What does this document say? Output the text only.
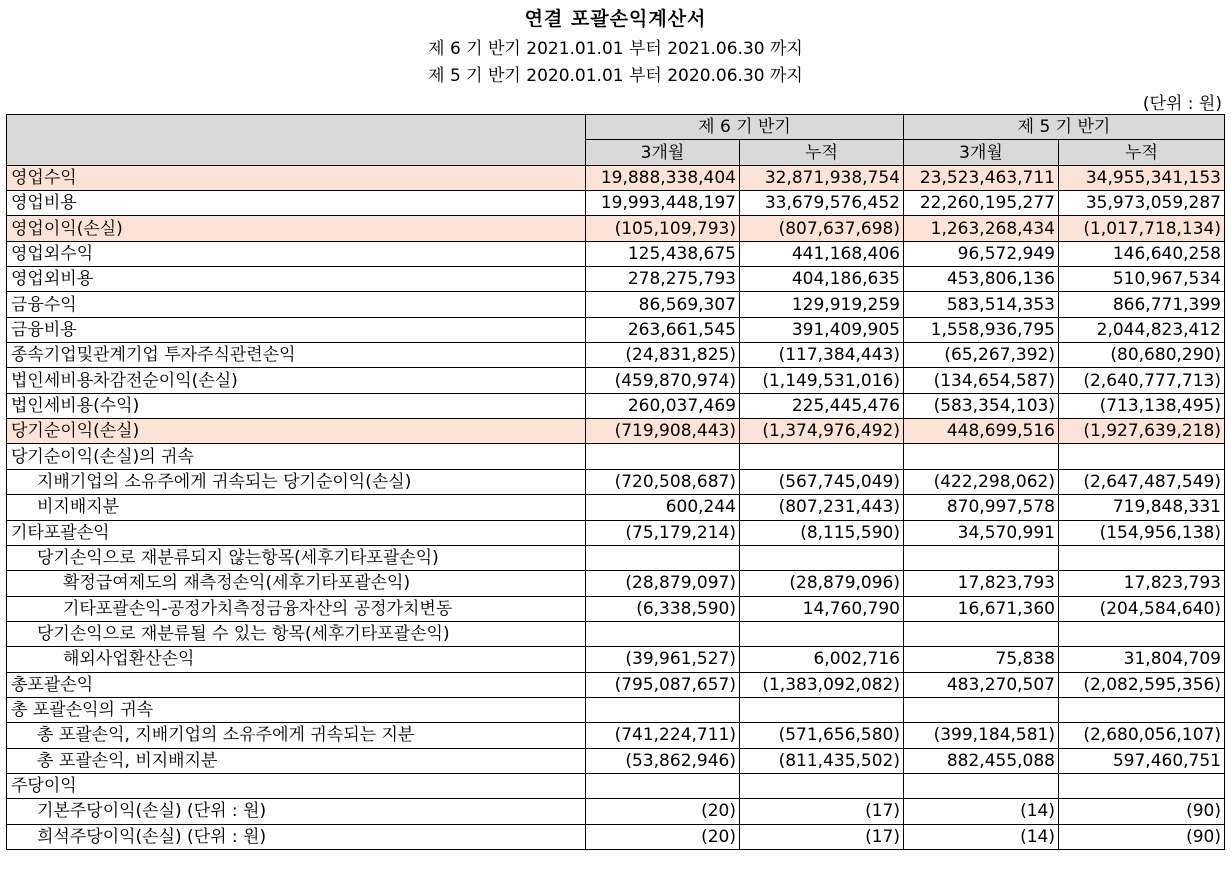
연결 포괄손익계산서
제 6 기 반기 2021.01.01 부터 2021.06.30 까지
제 5 기 반기 2020.01.01 부터 2020.06.30 까지
(단위 : 원)
	제 6 기 반기		제 5 기 반기	
	3개월	누적	3개월	누적
영업수익	19,888,338,404	32,871,938,754	23,523,463,711	34,955,341,153
영업비용	19,993,448,197	33,679,576,452	22,260,195,277	35,973,059,287
영업이익(손실)	(105,109,793)	(807,637,698)	1,263,268,434	(1,017,718,134)
영업외수익	125,438,675	441,168,406	96,572,949	146,640,258
영업외비용	278,275,793	404,186,635	453,806,136	510,967,534
금융수익	86,569,307	129,919,259	583,514,353	866,771,399
금융비용	263,661,545	391,409,905	1,558,936,795	2,044,823,412
종속기업및관계기업 투자주식관련손익	(24,831,825)	(117,384,443)	(65,267,392)	(80,680,290)
법인세비용차감전순이익(손실)	(459,870,974)	(1,149,531,016)	(134,654,587)	(2,640,777,713)
법인세비용(수익)	260,037,469	225,445,476	(583,354,103)	(713,138,495)
당기순이익(손실)	(719,908,443)	(1,374,976,492)	448,699,516	(1,927,639,218)
당기순이익(손실)의 귀속				
지배기업의 소유주에게 귀속되는 당기순이익(손실)	(720,508,687)	(567,745,049)	(422,298,062)	(2,647,487,549)
비지배지분	600,244	(807,231,443)	870,997,578	719,848,331
기타포괄손익	(75,179,214)	(8,115,590)	34,570,991	(154,956,138)
당기손익으로 재분류되지 않는항목(세후기타포괄손익)				
확정급여제도의 재측정손익(세후기타포괄손익)	(28,879,097)	(28,879,096)	17,823,793	17,823,793
기타포괄손익-공정가치측정금융자산의 공정가치변동	(6,338,590)	14,760,790	16,671,360	(204,584,640)
당기손익으로 재분류될 수 있는 항목(세후기타포괄손익)				
해외사업환산손익	(39,961,527)	6,002,716	75,838	31,804,709
총포괄손익	(795,087,657)	(1,383,092,082)	483,270,507	(2,082,595,356)
총 포괄손익의 귀속				
총 포괄손익, 지배기업의 소유주에게 귀속되는 지분	(741,224,711)	(571,656,580)	(399,184,581)	(2,680,056,107)
총 포괄손익, 비지배지분	(53,862,946)	(811,435,502)	882,455,088	597,460,751
주당이익				
기본주당이익(손실) (단위 : 원)	(20)	(17)	(14)	(90)
희석주당이익(손실) (단위 : 원)	(20)	(17)	(14)	(90)
